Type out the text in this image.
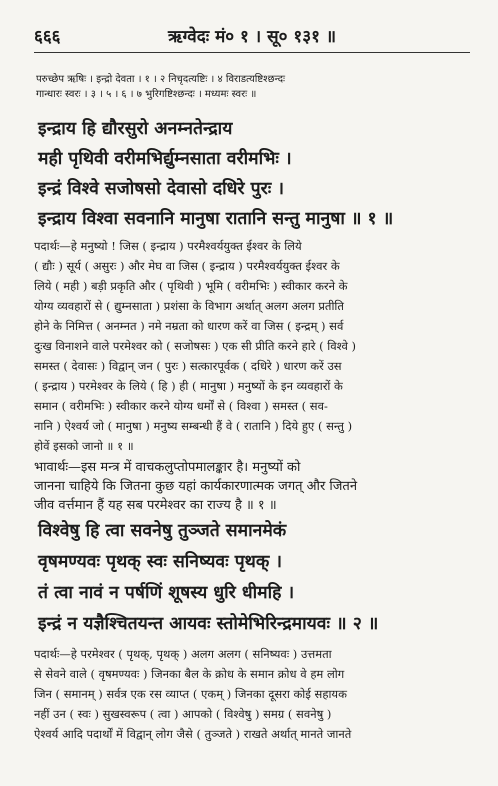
६६६	ऋग्वेदः मं० १ । सू० १३१ ॥
परुच्छेप ऋषिः । इन्द्रो देवता । १ । २ निचृदत्यष्टिः । ४ विराडत्यष्टिश्छन्दः
गान्धारः स्वरः । ३ । ५ । ६ । ७ भुरिगष्टिश्छन्दः । मध्यमः स्वरः ॥
इन्द्राय हि द्यौरसुरो अनम्नतेन्द्राय
मही पृथिवी वरीमभिर्द्युम्नसाता वरीमभिः ।
इन्द्रं विश्वे सजोषसो देवासो दधिरे पुरः ।
इन्द्राय विश्वा सवनानि मानुषा रातानि सन्तु मानुषा ॥ १ ॥
पदार्थः—हे मनुष्यो ! जिस ( इन्द्राय ) परमैश्वर्ययुक्त ईश्वर के लिये
( द्यौः ) सूर्य ( असुरः ) और मेघ वा जिस ( इन्द्राय ) परमैश्वर्ययुक्त ईश्वर के
लिये ( मही ) बड़ी प्रकृति और ( पृथिवी ) भूमि ( वरीमभिः ) स्वीकार करने के
योग्य व्यवहारों से ( द्युम्नसाता ) प्रशंसा के विभाग अर्थात् अलग अलग प्रतीति
होने के निमित्त ( अनम्नत ) नमे नम्रता को धारण करें वा जिस ( इन्द्रम् ) सर्व
दुःख विनाशने वाले परमेश्वर को ( सजोषसः ) एक सी प्रीति करने हारे ( विश्वे )
समस्त ( देवासः ) विद्वान् जन ( पुरः ) सत्कारपूर्वक ( दधिरे ) धारण करें उस
( इन्द्राय ) परमेश्वर के लिये ( हि ) ही ( मानुषा ) मनुष्यों के इन व्यवहारों के
समान ( वरीमभिः ) स्वीकार करने योग्य धर्मों से ( विश्वा ) समस्त ( सव-
नानि ) ऐश्वर्य जो ( मानुषा ) मनुष्य सम्बन्धी हैं वे ( रातानि ) दिये हुए ( सन्तु )
होवें इसको जानो ॥ १ ॥
भावार्थः—इस मन्त्र में वाचकलुप्तोपमालङ्कार है। मनुष्यों को
जानना चाहिये कि जितना कुछ यहां कार्यकारणात्मक जगत् और जितने
जीव वर्त्तमान हैं यह सब परमेश्वर का राज्य है ॥ १ ॥
विश्वेषु हि त्वा सवनेषु तुञ्जते समानमेकं
वृषमण्यवः पृथक् स्वः सनिष्यवः पृथक् ।
तं त्वा नावं न पर्षणिं शूषस्य धुरि धीमहि ।
इन्द्रं न यज्ञैश्चितयन्त आयवः स्तोमेभिरिन्द्रमायवः ॥ २ ॥
पदार्थः—हे परमेश्वर ( पृथक्, पृथक् ) अलग अलग ( सनिष्यवः ) उत्तमता
से सेवने वाले ( वृषमण्यवः ) जिनका बैल के क्रोध के समान क्रोध वे हम लोग
जिन ( समानम् ) सर्वत्र एक रस व्याप्त ( एकम् ) जिनका दूसरा कोई सहायक
नहीं उन ( स्वः ) सुखस्वरूप ( त्वा ) आपको ( विश्वेषु ) समग्र ( सवनेषु )
ऐश्वर्य आदि पदार्थों में विद्वान् लोग जैसे ( तुञ्जते ) राखते अर्थात् मानते जानते
